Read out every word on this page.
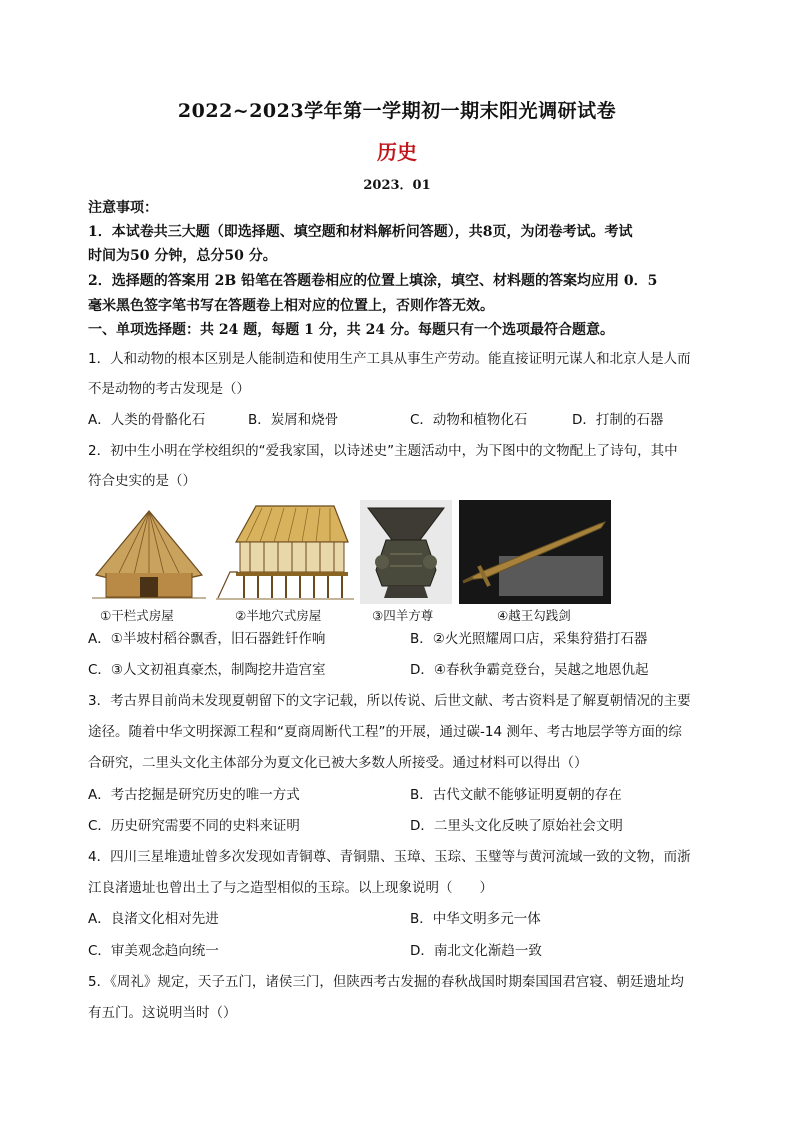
2022~2023学年第一学期初一期末阳光调研试卷
历史
2023．01
注意事项：
1．本试卷共三大题（即选择题、填空题和材料解析问答题），共8页，为闭卷考试。考试
时间为50 分钟，总分50 分。
2．选择题的答案用 2B 铅笔在答题卷相应的位置上填涂，填空、材料题的答案均应用 0．5
毫米黑色签字笔书写在答题卷上相对应的位置上，否则作答无效。
一、单项选择题：共 24 题，每题 1 分，共 24 分。每题只有一个选项最符合题意。
1．人和动物的根本区别是人能制造和使用生产工具从事生产劳动。能直接证明元谋人和北京人是人而
不是动物的考古发现是（）
A．人类的骨骼化石	B．炭屑和烧骨	C．动物和植物化石	D．打制的石器
2．初中生小明在学校组织的“爱我家国，以诗述史”主题活动中，为下图中的文物配上了诗句，其中
符合史实的是（）
①干栏式房屋	②半地穴式房屋	③四羊方尊	④越王勾践剑
A．①半坡村稻谷飘香，旧石器鉎钎作响	B．②火光照耀周口店，采集狩猎打石器
C．③人文初祖真豪杰，制陶挖井造宫室	D．④春秋争霸竞登台，吴越之地恩仇起
3．考古界目前尚未发现夏朝留下的文字记载，所以传说、后世文献、考古资料是了解夏朝情况的主要
途径。随着中华文明探源工程和“夏商周断代工程”的开展，通过碳-14 测年、考古地层学等方面的综
合研究，二里头文化主体部分为夏文化已被大多数人所接受。通过材料可以得出（）
A．考古挖掘是研究历史的唯一方式	B．古代文献不能够证明夏朝的存在
C．历史研究需要不同的史料来证明	D．二里头文化反映了原始社会文明
4．四川三星堆遗址曾多次发现如青铜尊、青铜鼎、玉璋、玉琮、玉璧等与黄河流域一致的文物，而浙
江良渚遗址也曾出土了与之造型相似的玉琮。以上现象说明（　　）
A．良渚文化相对先进	B．中华文明多元一体
C．审美观念趋向统一	D．南北文化渐趋一致
5．《周礼》规定，天子五门，诸侯三门，但陕西考古发掘的春秋战国时期秦国国君宫寝、朝廷遗址均
有五门。这说明当时（）
